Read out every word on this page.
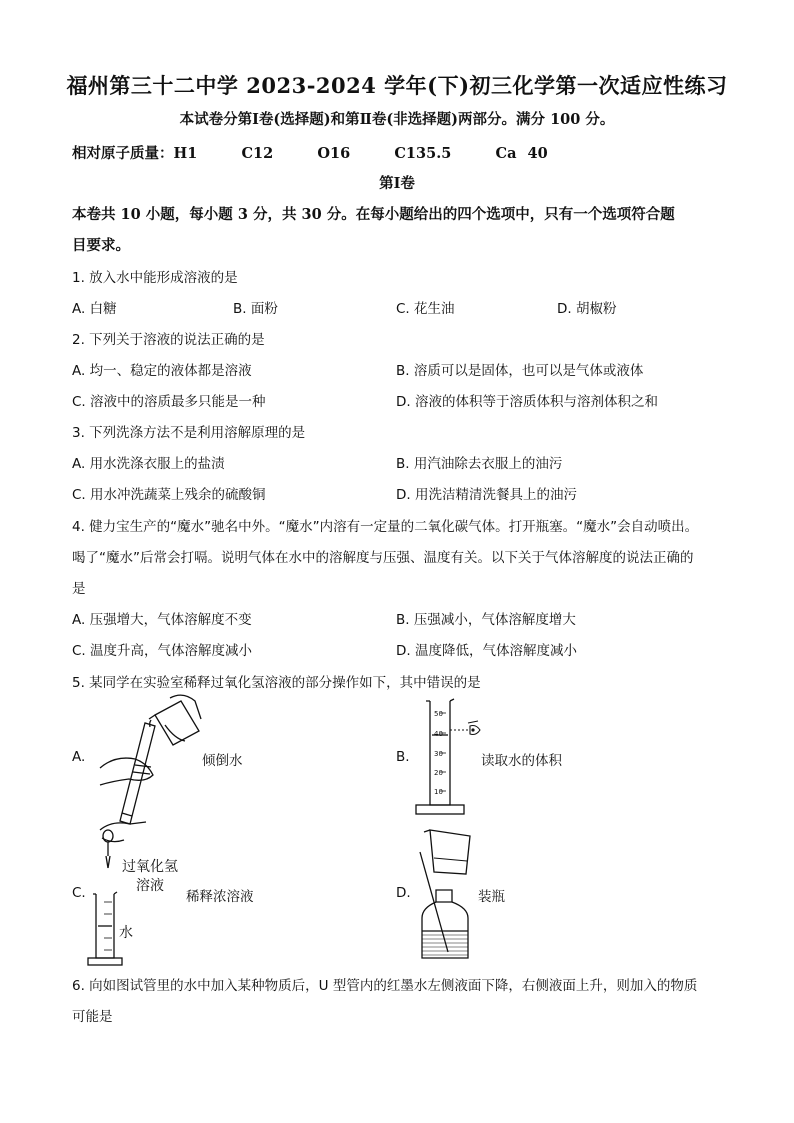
福州第三十二中学 2023-2024 学年(下)初三化学第一次适应性练习
本试卷分第Ⅰ卷(选择题)和第Ⅱ卷(非选择题)两部分。满分 100 分。
相对原子质量：H1    C12    O16    C135.5    Ca 40
第Ⅰ卷
本卷共 10 小题，每小题 3 分，共 30 分。在每小题给出的四个选项中，只有一个选项符合题
目要求。
1. 放入水中能形成溶液的是
A. 白糖	B. 面粉	C. 花生油	D. 胡椒粉
2. 下列关于溶液的说法正确的是
A. 均一、稳定的液体都是溶液	B. 溶质可以是固体，也可以是气体或液体
C. 溶液中的溶质最多只能是一种	D. 溶液的体积等于溶质体积与溶剂体积之和
3. 下列洗涤方法不是利用溶解原理的是
A. 用水洗涤衣服上的盐渍	B. 用汽油除去衣服上的油污
C. 用水冲洗蔬菜上残余的硫酸铜	D. 用洗洁精清洗餐具上的油污
4. 健力宝生产的“魔水”驰名中外。“魔水”内溶有一定量的二氧化碳气体。打开瓶塞。“魔水”会自动喷出。
喝了“魔水”后常会打嗝。说明气体在水中的溶解度与压强、温度有关。以下关于气体溶解度的说法正确的
是
A. 压强增大，气体溶解度不变	B. 压强减小，气体溶解度增大
C. 温度升高，气体溶解度减小	D. 温度降低，气体溶解度减小
5. 某同学在实验室稀释过氧化氢溶液的部分操作如下，其中错误的是
A.	倾倒水	B.
50
40
30
20
10
读取水的体积
C.
过氧化氢
溶液
水
稀释浓溶液	D.	装瓶
6. 向如图试管里的水中加入某种物质后，U 型管内的红墨水左侧液面下降，右侧液面上升，则加入的物质
可能是
